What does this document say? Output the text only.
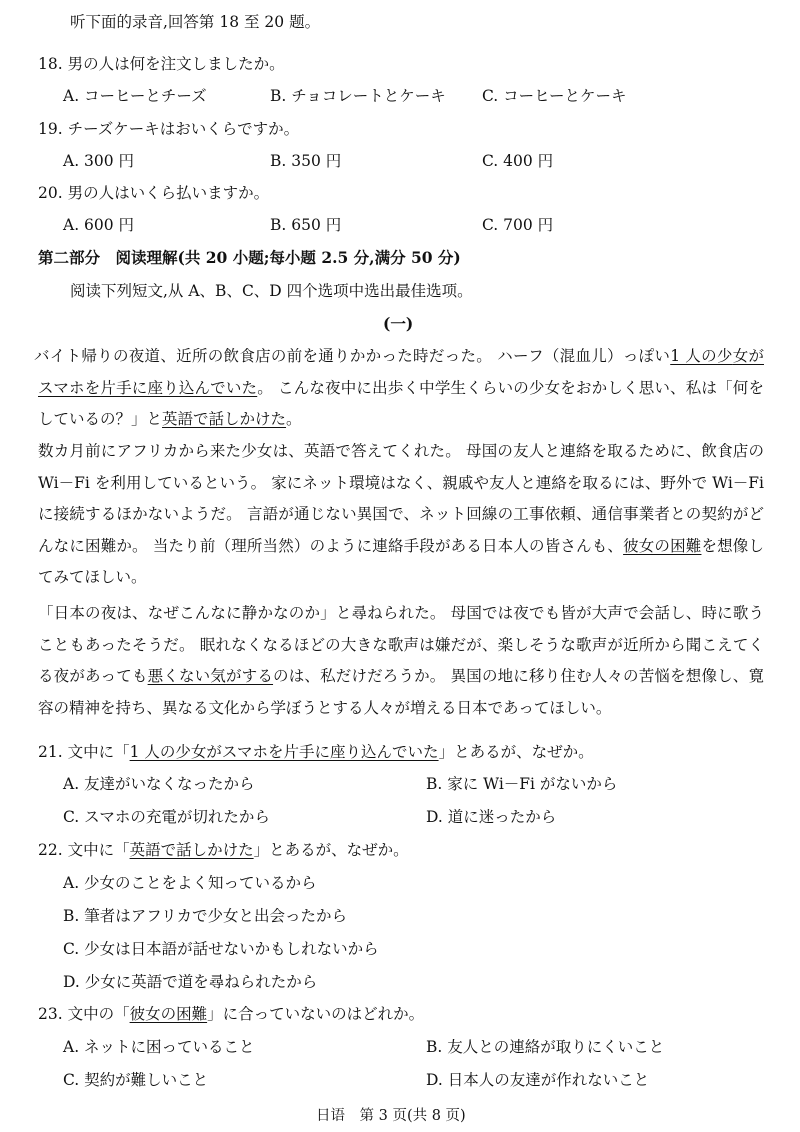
听下面的录音,回答第 18 至 20 题。
18. 男の人は何を注文しましたか。
A. コーヒーとチーズ	B. チョコレートとケーキ C. コーヒーとケーキ
19. チーズケーキはおいくらですか。
A. 300 円	B. 350 円	C. 400 円
20. 男の人はいくら払いますか。
A. 600 円	B. 650 円	C. 700 円
第二部分　阅读理解(共 20 小题;每小题 2.5 分,满分 50 分)
阅读下列短文,从 A、B、C、D 四个选项中选出最佳选项。
(一)

バイト帰りの夜道、近所の飲食店の前を通りかかった時だった。 ハーフ（混血儿）っぽい1 人の少女がスマホを片手に座り込んでいた。 こんな夜中に出歩く中学生くらいの少女をおかしく思い、私は「何をしているの？」と英語で話しかけた。

数カ月前にアフリカから来た少女は、英語で答えてくれた。 母国の友人と連絡を取るために、飲食店の Wi－Fi を利用しているという。 家にネット環境はなく、親戚や友人と連絡を取るには、野外で Wi－Fi に接続するほかないようだ。 言語が通じない異国で、ネット回線の工事依頼、通信事業者との契約がどんなに困難か。 当たり前（理所当然）のように連絡手段がある日本人の皆さんも、彼女の困難を想像してみてほしい。

「日本の夜は、なぜこんなに静かなのか」と尋ねられた。 母国では夜でも皆が大声で会話し、時に歌うこともあったそうだ。 眠れなくなるほどの大きな歌声は嫌だが、楽しそうな歌声が近所から聞こえてくる夜があっても悪くない気がするのは、私だけだろうか。 異国の地に移り住む人々の苦悩を想像し、寛容の精神を持ち、異なる文化から学ぼうとする人々が増える日本であってほしい。

21. 文中に「1 人の少女がスマホを片手に座り込んでいた」とあるが、なぜか。
A. 友達がいなくなったから	B. 家に Wi－Fi がないから
C. スマホの充電が切れたから	D. 道に迷ったから
22. 文中に「英語で話しかけた」とあるが、なぜか。
A. 少女のことをよく知っているから
B. 筆者はアフリカで少女と出会ったから
C. 少女は日本語が話せないかもしれないから
D. 少女に英語で道を尋ねられたから
23. 文中の「彼女の困難」に合っていないのはどれか。
A. ネットに困っていること	B. 友人との連絡が取りにくいこと
C. 契約が難しいこと	D. 日本人の友達が作れないこと
日语　第 3 页(共 8 页)
